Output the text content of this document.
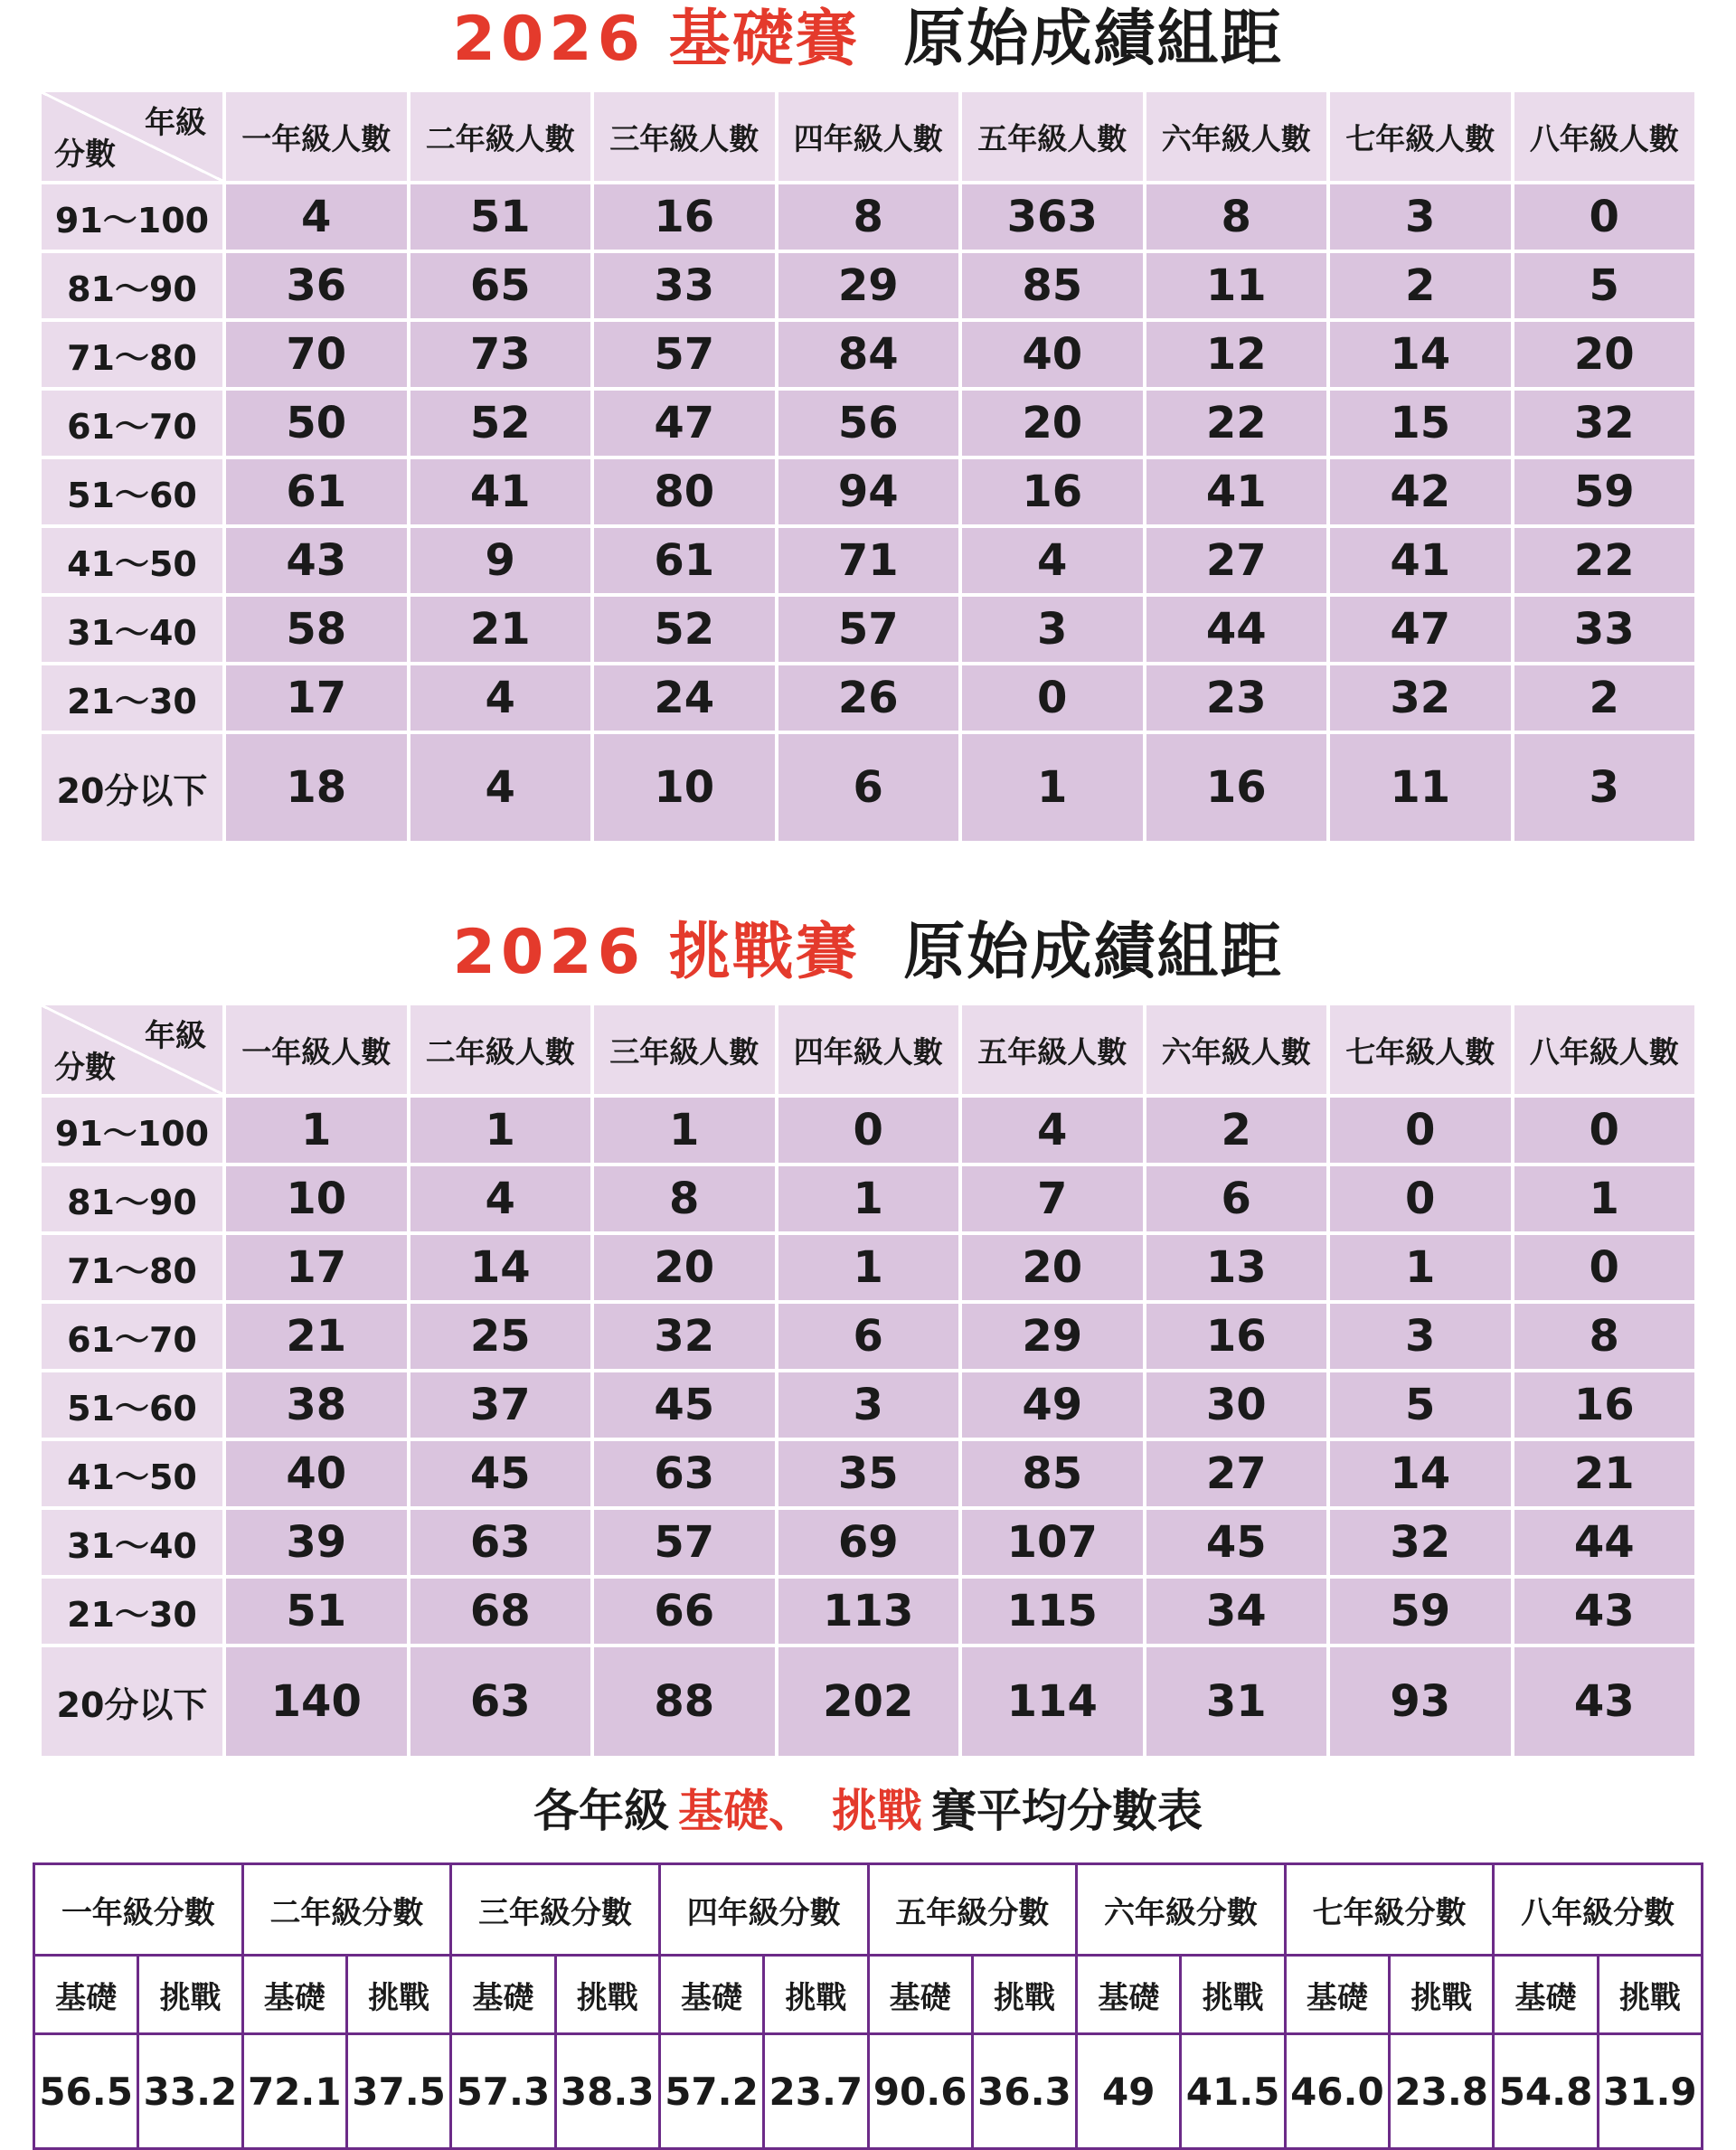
2026 基礎賽 原始成績組距
年級
分數	一年級人數	二年級人數	三年級人數	四年級人數	五年級人數	六年級人數	七年級人數	八年級人數
91～100	4	51	16	8	363	8	3	0
81～90	36	65	33	29	85	11	2	5
71～80	70	73	57	84	40	12	14	20
61～70	50	52	47	56	20	22	15	32
51～60	61	41	80	94	16	41	42	59
41～50	43	9	61	71	4	27	41	22
31～40	58	21	52	57	3	44	47	33
21～30	17	4	24	26	0	23	32	2
20分以下	18	4	10	6	1	16	11	3
2026 挑戰賽 原始成績組距
年級
分數	一年級人數	二年級人數	三年級人數	四年級人數	五年級人數	六年級人數	七年級人數	八年級人數
91～100	1	1	1	0	4	2	0	0
81～90	10	4	8	1	7	6	0	1
71～80	17	14	20	1	20	13	1	0
61～70	21	25	32	6	29	16	3	8
51～60	38	37	45	3	49	30	5	16
41～50	40	45	63	35	85	27	14	21
31～40	39	63	57	69	107	45	32	44
21～30	51	68	66	113	115	34	59	43
20分以下	140	63	88	202	114	31	93	43
各年級 基礎、 挑戰 賽平均分數表
一年級分數		二年級分數		三年級分數		四年級分數		五年級分數		六年級分數		七年級分數		八年級分數	
基礎	挑戰	基礎	挑戰	基礎	挑戰	基礎	挑戰	基礎	挑戰	基礎	挑戰	基礎	挑戰	基礎	挑戰
56.5	33.2	72.1	37.5	57.3	38.3	57.2	23.7	90.6	36.3	49	41.5	46.0	23.8	54.8	31.9
